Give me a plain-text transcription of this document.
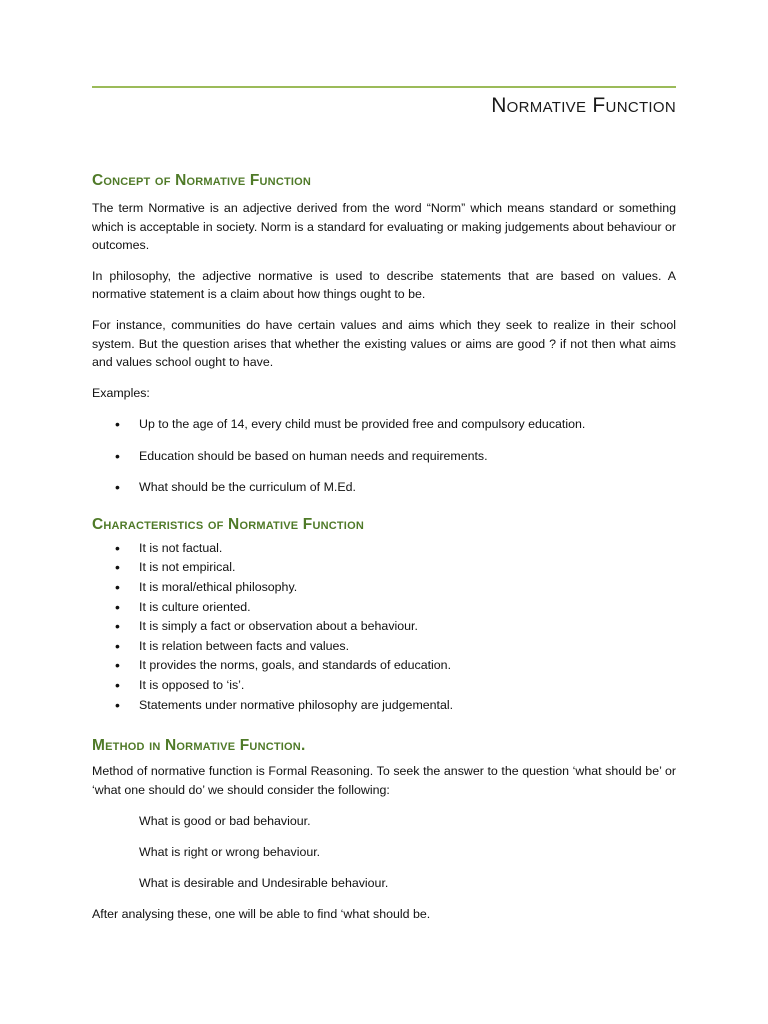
Normative Function
Concept of Normative Function

The term Normative is an adjective derived from the word “Norm” which means standard or something which is acceptable in society. Norm is a standard for evaluating or making judgements about behaviour or outcomes.

In philosophy, the adjective normative is used to describe statements that are based on values. A normative statement is a claim about how things ought to be.

For instance, communities do have certain values and aims which they seek to realize in their school system. But the question arises that whether the existing values or aims are good ? if not then what aims and values school ought to have.

Examples:

• Up to the age of 14, every child must be provided free and compulsory education.
• Education should be based on human needs and requirements.
• What should be the curriculum of M.Ed.
Characteristics of Normative Function
• It is not factual.
• It is not empirical.
• It is moral/ethical philosophy.
• It is culture oriented.
• It is simply a fact or observation about a behaviour.
• It is relation between facts and values.
• It provides the norms, goals, and standards of education.
• It is opposed to ‘is’.
• Statements under normative philosophy are judgemental.
Method in Normative Function.

Method of normative function is Formal Reasoning. To seek the answer to the question ‘what should be’ or ‘what one should do’ we should consider the following:

What is good or bad behaviour.
What is right or wrong behaviour.
What is desirable and Undesirable behaviour.

After analysing these, one will be able to find ‘what should be.
